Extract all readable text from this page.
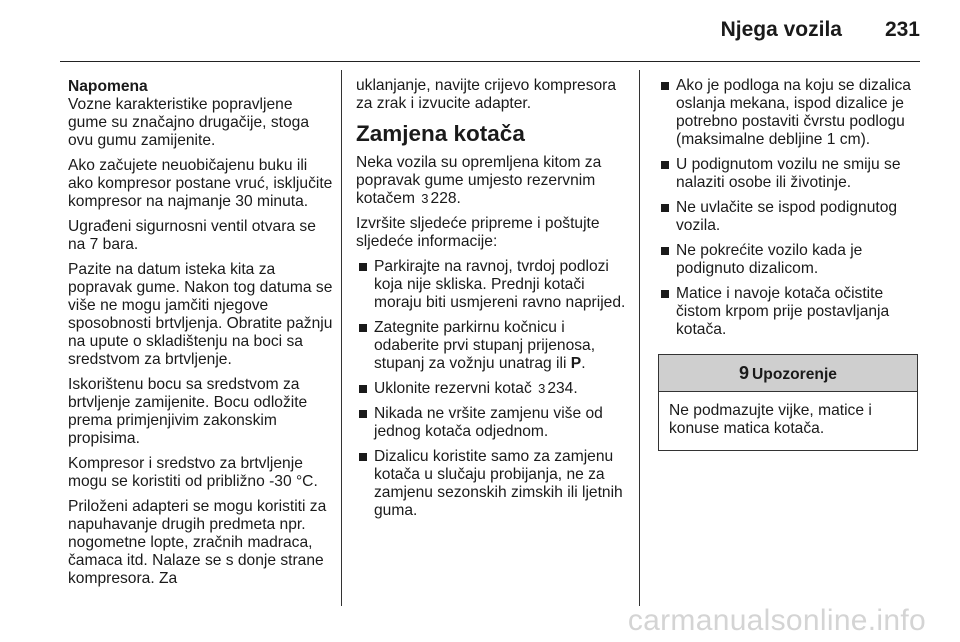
Njega vozila 231

Napomena

Vozne karakteristike popravljene gume su značajno drugačije, stoga ovu gumu zamijenite.

Ako začujete neuobičajenu buku ili ako kompresor postane vruć, isključite kompresor na najmanje 30 minuta.

Ugrađeni sigurnosni ventil otvara se na 7 bara.

Pazite na datum isteka kita za popravak gume. Nakon tog datuma se više ne mogu jamčiti njegove sposobnosti brtvljenja. Obratite pažnju na upute o skladištenju na boci sa sredstvom za brtvljenje.

Iskorištenu bocu sa sredstvom za brtvljenje zamijenite. Bocu odložite prema primjenjivim zakonskim propisima.

Kompresor i sredstvo za brtvljenje mogu se koristiti od približno -30 °C.

Priloženi adapteri se mogu koristiti za napuhavanje drugih predmeta npr. nogometne lopte, zračnih madraca, čamaca itd. Nalaze se s donje strane kompresora. Za

uklanjanje, navijte crijevo kompresora za zrak i izvucite adapter.

Zamjena kotača

Neka vozila su opremljena kitom za popravak gume umjesto rezervnim kotačem 3 228.

Izvršite sljedeće pripreme i poštujte sljedeće informacije:

Parkirajte na ravnoj, tvrdoj podlozi koja nije skliska. Prednji kotači moraju biti usmjereni ravno naprijed.
Zategnite parkirnu kočnicu i odaberite prvi stupanj prijenosa, stupanj za vožnju unatrag ili P.
Uklonite rezervni kotač 3 234.
Nikada ne vršite zamjenu više od jednog kotača odjednom.
Dizalicu koristite samo za zamjenu kotača u slučaju probijanja, ne za zamjenu sezonskih zimskih ili ljetnih guma.
Ako je podloga na koju se dizalica oslanja mekana, ispod dizalice je potrebno postaviti čvrstu podlogu (maksimalne debljine 1 cm).
U podignutom vozilu ne smiju se nalaziti osobe ili životinje.
Ne uvlačite se ispod podignutog vozila.
Ne pokrećite vozilo kada je podignuto dizalicom.
Matice i navoje kotača očistite čistom krpom prije postavljanja kotača.
9 Upozorenje
Ne podmazujte vijke, matice i konuse matica kotača.
carmanualsonline.info
